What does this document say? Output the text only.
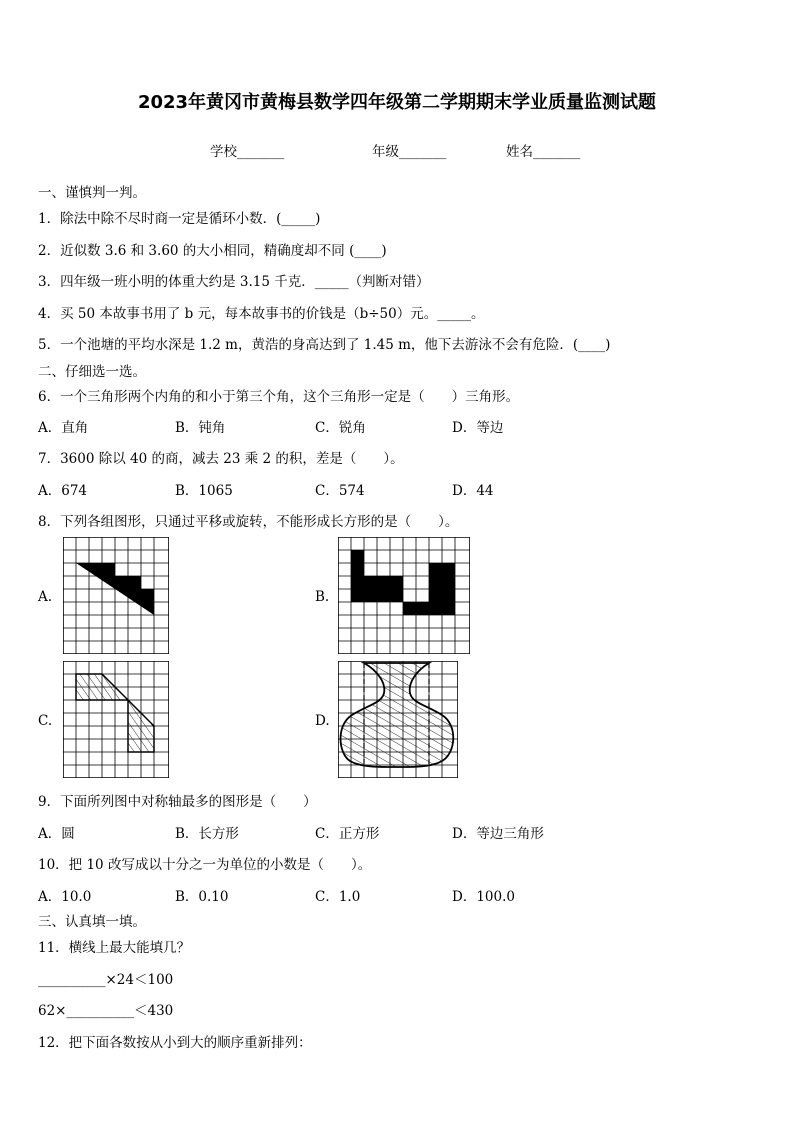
2023年黄冈市黄梅县数学四年级第二学期期末学业质量监测试题
学校_______	年级_______	姓名_______
一、谨慎判一判。
1．除法中除不尽时商一定是循环小数．(_____)
2．近似数 3.6 和 3.60 的大小相同，精确度却不同 (____)
3．四年级一班小明的体重大约是 3.15 千克．_____（判断对错）
4．买 50 本故事书用了 b 元，每本故事书的价钱是（b÷50）元。_____。
5．一个池塘的平均水深是 1.2 m，黄浩的身高达到了 1.45 m，他下去游泳不会有危险．(____)
二、仔细选一选。
6．一个三角形两个内角的和小于第三个角，这个三角形一定是（　　）三角形。
A．直角	B．钝角	C．锐角	D．等边
7．3600 除以 40 的商，减去 23 乘 2 的积，差是（　　）。
A．674	B．1065	C．574	D．44
8．下列各组图形，只通过平移或旋转，不能形成长方形的是（　　）。
A.	B.
C.	D.
9．下面所列图中对称轴最多的图形是（　　）
A．圆	B．长方形	C．正方形	D．等边三角形
10．把 10 改写成以十分之一为单位的小数是（　　）。
A．10.0	B．0.10	C．1.0	D．100.0
三、认真填一填。
11．横线上最大能填几？
__________×24＜100
62×__________＜430
12．把下面各数按从小到大的顺序重新排列：
